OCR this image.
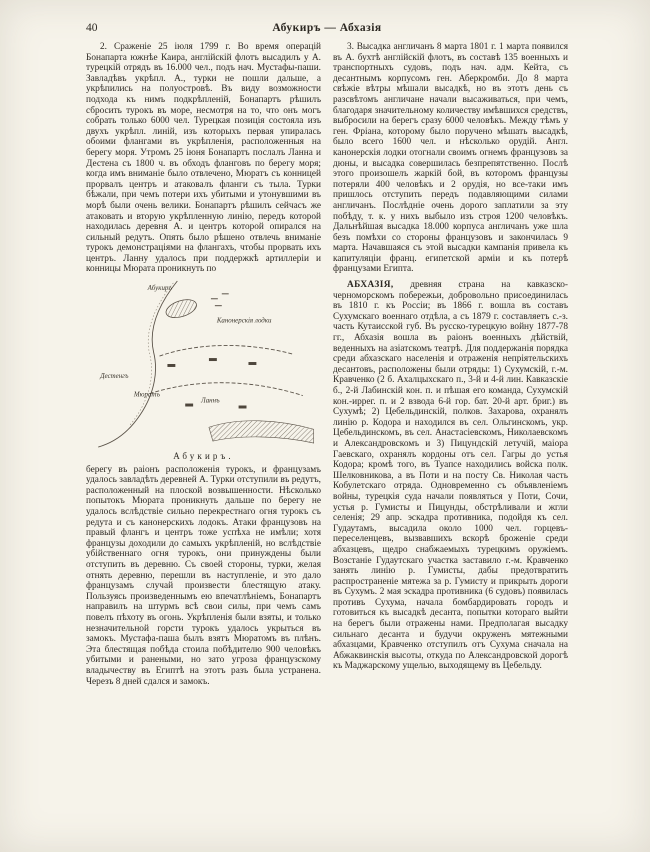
40	Абукиръ — Абхазія

2. Сраженіе 25 іюля 1799 г. Во время операцій Бонапарта южнѣе Каира, англійскій флотъ высадилъ у А. турецкій отрядъ въ 16.000 чел., подъ нач. Мустафы-паши. Завладѣвъ укрѣпл. А., турки не пошли дальше, а укрѣпились на полуостровѣ. Въ виду возможности подхода къ нимъ подкрѣпленій, Бонапартъ рѣшилъ сбросить турокъ въ море, несмотря на то, что онъ могъ собрать только 6000 чел. Турецкая позиція состояла изъ двухъ укрѣпл. линій, изъ которыхъ первая упиралась обоими флангами въ укрѣпленія, расположенныя на берегу моря. Утромъ 25 іюня Бонапартъ послалъ Ланна и Дестена съ 1800 ч. въ обходъ фланговъ по берегу моря; когда имъ вниманіе было отвлечено, Мюратъ съ конницей прорвалъ центръ и атаковалъ фланги съ тыла. Турки бѣжали, при чемъ потери ихъ убитыми и утонувшими въ морѣ были очень велики. Бонапартъ рѣшилъ сейчасъ же атаковать и вторую укрѣпленную линію, передъ которой находилась деревня А. и центръ которой опирался на сильный редутъ. Опять было рѣшено отвлечь вниманіе турокъ демонстраціями на флангахъ, чтобы прорвать ихъ центръ. Ланну удалось при поддержкѣ артиллеріи и конницы Мюрата проникнуть по

Абукиръ
Канонерскія лодки
Дестенгъ
Мюратъ
Ланнъ
Абукиръ.

берегу въ раіонъ расположенія турокъ, и французамъ удалось завладѣть деревней А. Турки отступили въ редутъ, расположенный на плоской возвышенности. Нѣсколько попытокъ Мюрата проникнуть дальше по берегу не удалось вслѣдствіе сильно перекрестнаго огня турокъ съ редута и съ канонерскихъ лодокъ. Атаки французовъ на правый флангъ и центръ тоже успѣха не имѣли; хотя французы доходили до самыхъ укрѣпленій, но вслѣдствіе убійственнаго огня турокъ, они принуждены были отступить въ деревню. Съ своей стороны, турки, желая отнять деревню, перешли въ наступленіе, и это дало французамъ случай произвести блестящую атаку. Пользуясь произведеннымъ ею впечатлѣніемъ, Бонапартъ направилъ на штурмъ всѣ свои силы, при чемъ самъ повелъ пѣхоту въ огонь. Укрѣпленія были взяты, и только незначительной горсти турокъ удалось укрыться въ замокъ. Мустафа-паша былъ взятъ Мюратомъ въ плѣнъ. Эта блестящая побѣда стоила побѣдителю 900 человѣкъ убитыми и ранеными, но зато угроза французскому владычеству въ Египтѣ на этотъ разъ была устранена. Черезъ 8 дней сдался и замокъ.

3. Высадка англичанъ 8 марта 1801 г. 1 марта появился въ А. бухтѣ англійскій флотъ, въ составѣ 135 военныхъ и транспортныхъ судовъ, подъ нач. адм. Кейта, съ десантнымъ корпусомъ ген. Аберкромби. До 8 марта свѣжіе вѣтры мѣшали высадкѣ, но въ этотъ день съ разсвѣтомъ англичане начали высаживаться, при чемъ, благодаря значительному количеству имѣвшихся средствъ, выбросили на берегъ сразу 6000 человѣкъ. Между тѣмъ у ген. Фріана, которому было поручено мѣшать высадкѣ, было всего 1600 чел. и нѣсколько орудій. Англ. канонерскія лодки отогнали своимъ огнемъ французовъ за дюны, и высадка совершилась безпрепятственно. Послѣ этого произошелъ жаркій бой, въ которомъ французы потеряли 400 человѣкъ и 2 орудія, но все-таки имъ пришлось отступить передъ подавляющими силами англичанъ. Послѣдніе очень дорого заплатили за эту побѣду, т. к. у нихъ выбыло изъ строя 1200 человѣкъ. Дальнѣйшая высадка 18.000 корпуса англичанъ уже шла безъ помѣхи со стороны французовъ и закончилась 9 марта. Начавшаяся съ этой высадки кампанія привела къ капитуляціи франц. египетской арміи и къ потерѣ французами Египта.

АБХАЗІЯ, древняя страна на кавказско-черноморскомъ побережьи, добровольно присоединилась въ 1810 г. къ Россіи; въ 1866 г. вошла въ составъ Сухумскаго военнаго отдѣла, а съ 1879 г. составляетъ с.-з. часть Кутаисской губ. Въ русско-турецкую войну 1877-78 гг., Абхазія вошла въ раіонъ военныхъ дѣйствій, веденныхъ на азіатскомъ театрѣ. Для поддержанія порядка среди абхазскаго населенія и отраженія непріятельскихъ десантовъ, расположены были отряды: 1) Сухумскій, г.-м. Кравченко (2 б. Ахалцыхскаго п., 3-й и 4-й лин. Кавказскіе б., 2-й Лабинскій кон. п. и пѣшая его команда, Сухумскій кон.-иррег. п. и 2 взвода 6-й гор. бат. 20-й арт. бриг.) въ Сухумѣ; 2) Цебельдинскій, полков. Захарова, охранялъ линію р. Кодора и находился въ сел. Ольгинскомъ, укр. Цебельдинскомъ, въ сел. Анастасіевскомъ, Николаевскомъ и Александровскомъ и 3) Пицундскій летучій, маіора Гаевскаго, охранялъ кордоны отъ сел. Гагры до устья Кодора; кромѣ того, въ Туапсе находились войска полк. Шелковникова, а въ Поти и на посту Св. Николая часть Кобулетскаго отряда. Одновременно съ объявленіемъ войны, турецкія суда начали появляться у Поти, Сочи, устья р. Гумисты и Пицунды, обстрѣливали и жгли селенія; 29 апр. эскадра противника, подойдя къ сел. Гудаутамъ, высадила около 1000 чел. горцевъ-переселенцевъ, вызвавшихъ вскорѣ броженіе среди абхазцевъ, щедро снабжаемыхъ турецкимъ оружіемъ. Возстаніе Гудаутскаго участка заставило г.-м. Кравченко занять линію р. Гумисты, дабы предотвратить распространеніе мятежа за р. Гумисту и прикрыть дороги въ Сухумъ. 2 мая эскадра противника (6 судовъ) появилась противъ Сухума, начала бомбардировать городъ и готовиться къ высадкѣ десанта, попытки котораго выйти на берегъ были отражены нами. Предполагая высадку сильнаго десанта и будучи окруженъ мятежными абхазцами, Кравченко отступилъ отъ Сухума сначала на Абжаквинскія высоты, откуда по Александровской дорогѣ къ Маджарскому ущелью, выходящему въ Цебельду.
